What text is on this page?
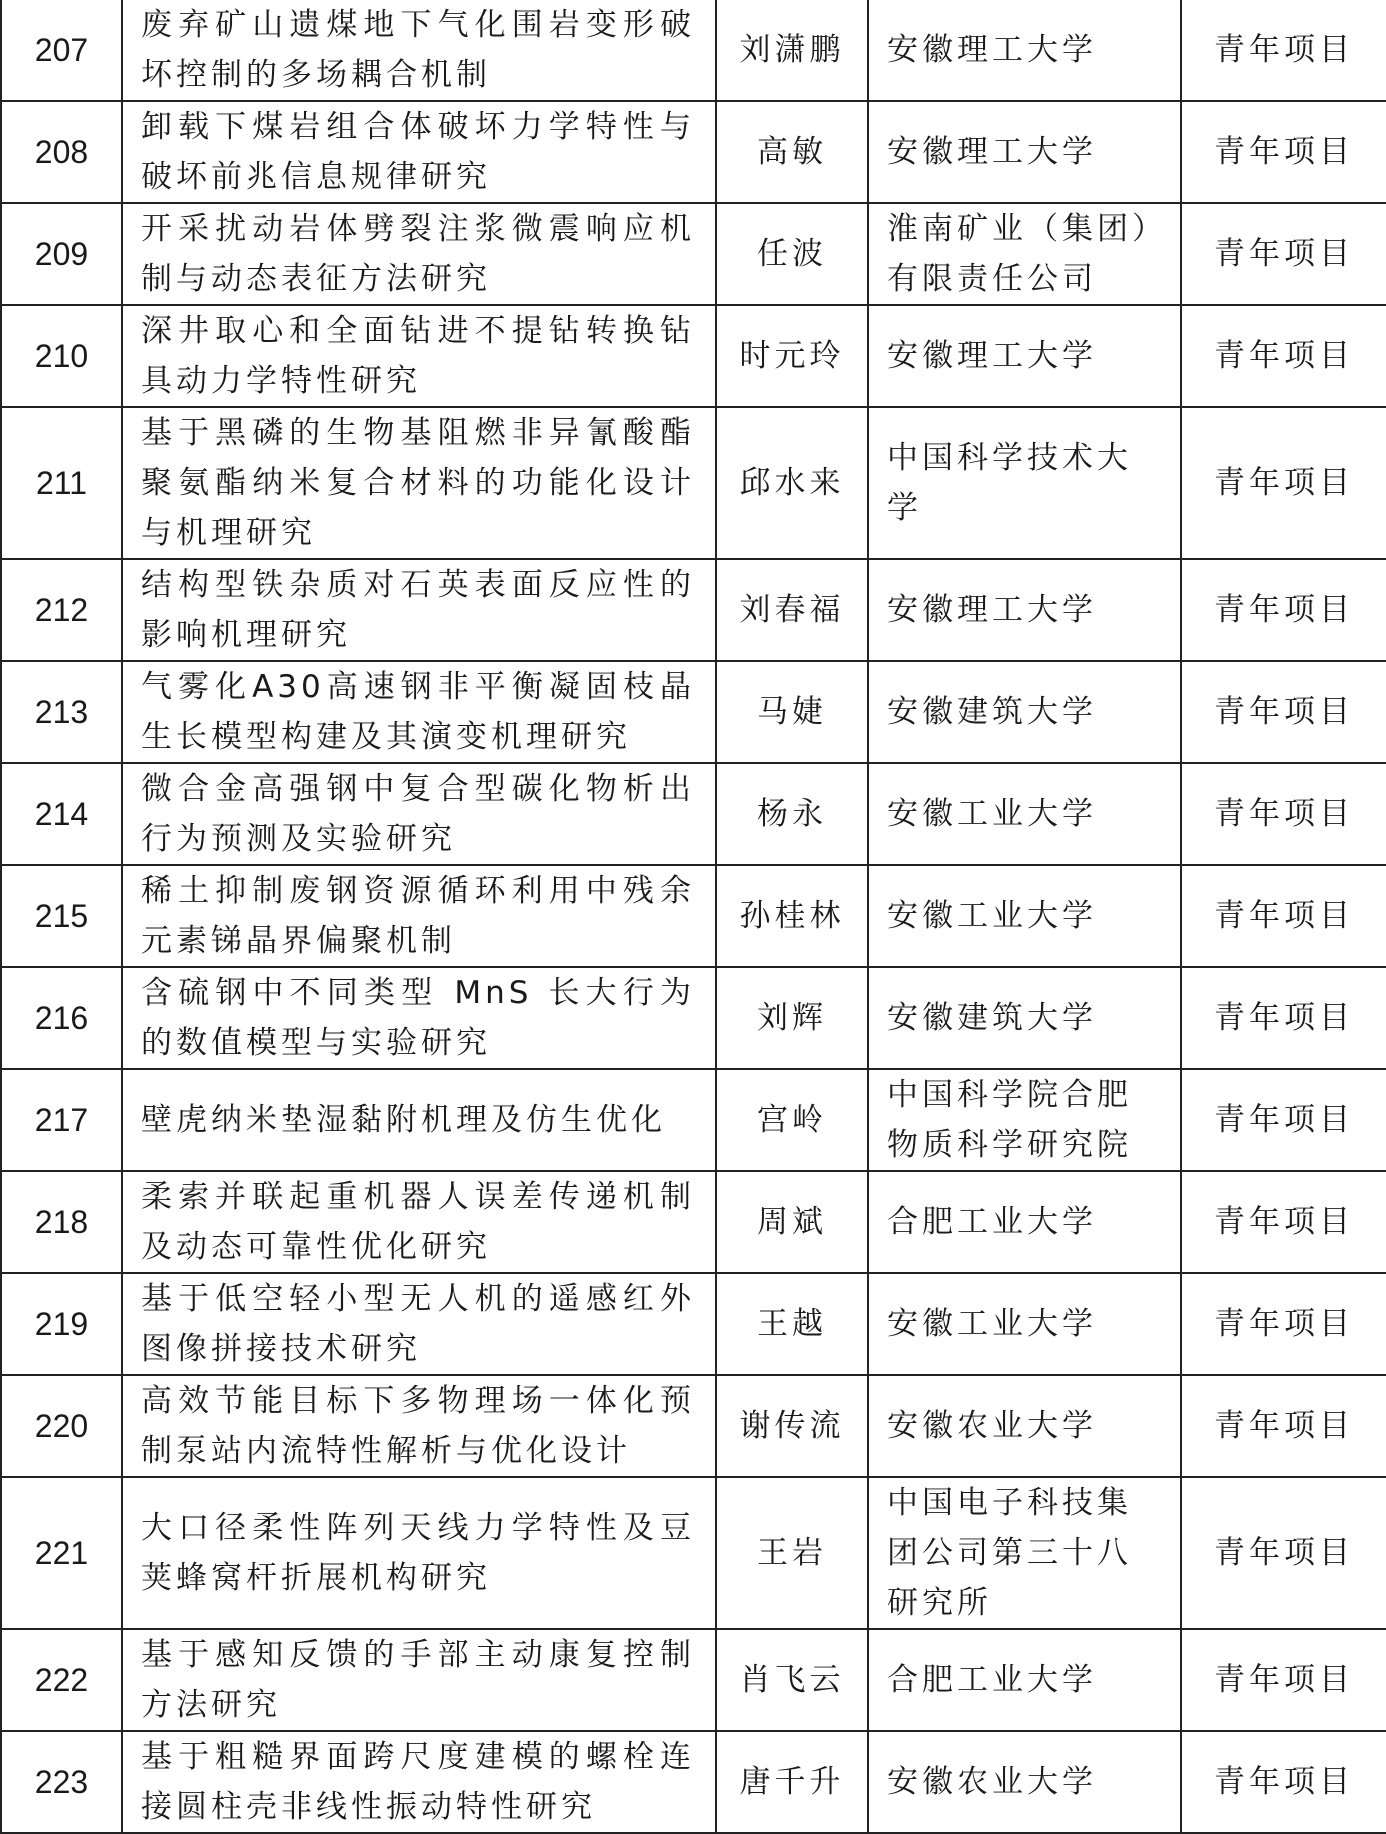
207	废弃矿山遗煤地下气化围岩变形破坏控制的多场耦合机制	刘潇鹏	安徽理工大学	青年项目
208	卸载下煤岩组合体破坏力学特性与破坏前兆信息规律研究	高敏	安徽理工大学	青年项目
209	开采扰动岩体劈裂注浆微震响应机制与动态表征方法研究	任波	淮南矿业（集团）有限责任公司	青年项目
210	深井取心和全面钻进不提钻转换钻具动力学特性研究	时元玲	安徽理工大学	青年项目
211	基于黑磷的生物基阻燃非异氰酸酯聚氨酯纳米复合材料的功能化设计与机理研究	邱水来	中国科学技术大学	青年项目
212	结构型铁杂质对石英表面反应性的影响机理研究	刘春福	安徽理工大学	青年项目
213	气雾化A30高速钢非平衡凝固枝晶生长模型构建及其演变机理研究	马婕	安徽建筑大学	青年项目
214	微合金高强钢中复合型碳化物析出行为预测及实验研究	杨永	安徽工业大学	青年项目
215	稀土抑制废钢资源循环利用中残余元素锑晶界偏聚机制	孙桂林	安徽工业大学	青年项目
216	含硫钢中不同类型 MnS 长大行为的数值模型与实验研究	刘辉	安徽建筑大学	青年项目
217	壁虎纳米垫湿黏附机理及仿生优化	宫岭	中国科学院合肥物质科学研究院	青年项目
218	柔索并联起重机器人误差传递机制及动态可靠性优化研究	周斌	合肥工业大学	青年项目
219	基于低空轻小型无人机的遥感红外图像拼接技术研究	王越	安徽工业大学	青年项目
220	高效节能目标下多物理场一体化预制泵站内流特性解析与优化设计	谢传流	安徽农业大学	青年项目
221	大口径柔性阵列天线力学特性及豆荚蜂窝杆折展机构研究	王岩	中国电子科技集团公司第三十八研究所	青年项目
222	基于感知反馈的手部主动康复控制方法研究	肖飞云	合肥工业大学	青年项目
223	基于粗糙界面跨尺度建模的螺栓连接圆柱壳非线性振动特性研究	唐千升	安徽农业大学	青年项目
